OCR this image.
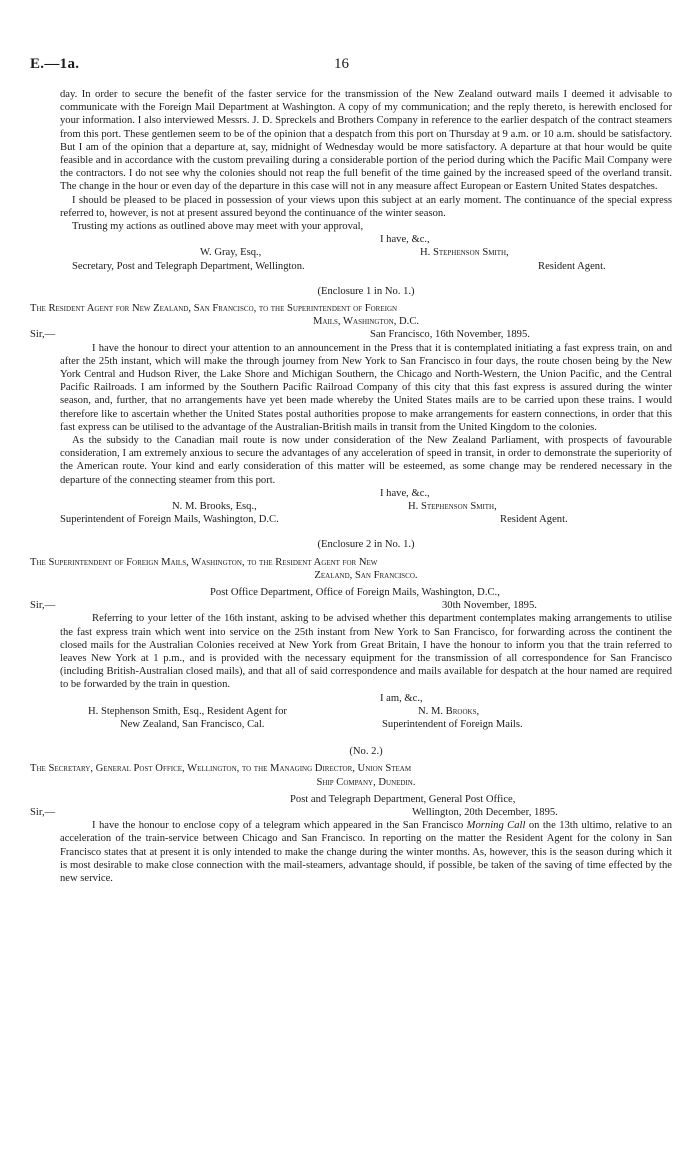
E.—1a.	16

day. In order to secure the benefit of the faster service for the transmission of the New Zealand outward mails I deemed it advisable to communicate with the Foreign Mail Department at Washington. A copy of my communication; and the reply thereto, is herewith enclosed for your information. I also interviewed Messrs. J. D. Spreckels and Brothers Company in reference to the earlier despatch of the contract steamers from this port. These gentlemen seem to be of the opinion that a despatch from this port on Thursday at 9 a.m. or 10 a.m. should be satisfactory. But I am of the opinion that a departure at, say, midnight of Wednesday would be more satisfactory. A departure at that hour would be quite feasible and in accordance with the custom prevailing during a considerable portion of the period during which the Pacific Mail Company were the contractors. I do not see why the colonies should not reap the full benefit of the time gained by the increased speed of the overland transit. The change in the hour or even day of the departure in this case will not in any measure affect European or Eastern United States despatches.

I should be pleased to be placed in possession of your views upon this subject at an early moment. The continuance of the special express referred to, however, is not at present assured beyond the continuance of the winter season.

Trusting my actions as outlined above may meet with your approval,

I have, &c.,
W. Gray, Esq.,	H. Stephenson Smith,
Secretary, Post and Telegraph Department, Wellington.	Resident Agent.
(Enclosure 1 in No. 1.)

The Resident Agent for New Zealand, San Francisco, to the Superintendent of Foreign

Mails, Washington, D.C.

Sir,—	San Francisco, 16th November, 1895.

I have the honour to direct your attention to an announcement in the Press that it is contemplated initiating a fast express train, on and after the 25th instant, which will make the through journey from New York to San Francisco in four days, the route chosen being by the New York Central and Hudson River, the Lake Shore and Michigan Southern, the Chicago and North-Western, the Union Pacific, and the Central Pacific Railroads. I am informed by the Southern Pacific Railroad Company of this city that this fast express is assured during the winter season, and, further, that no arrangements have yet been made whereby the United States mails are to be carried upon these trains. I would therefore like to ascertain whether the United States postal authorities propose to make arrangements for eastern connections, in order that this fast express can be utilised to the advantage of the Australian-British mails in transit from the United Kingdom to the colonies.

As the subsidy to the Canadian mail route is now under consideration of the New Zealand Parliament, with prospects of favourable consideration, I am extremely anxious to secure the advantages of any acceleration of speed in transit, in order to demonstrate the superiority of the American route. Your kind and early consideration of this matter will be esteemed, as some change may be rendered necessary in the departure of the connecting steamer from this port.

I have, &c.,
N. M. Brooks, Esq.,	H. Stephenson Smith,
Superintendent of Foreign Mails, Washington, D.C.	Resident Agent.
(Enclosure 2 in No. 1.)

The Superintendent of Foreign Mails, Washington, to the Resident Agent for New

Zealand, San Francisco.

Post Office Department, Office of Foreign Mails, Washington, D.C.,
Sir,—	30th November, 1895.

Referring to your letter of the 16th instant, asking to be advised whether this department contemplates making arrangements to utilise the fast express train which went into service on the 25th instant from New York to San Francisco, for forwarding across the continent the closed mails for the Australian Colonies received at New York from Great Britain, I have the honour to inform you that the train referred to leaves New York at 1 p.m., and is provided with the necessary equipment for the transmission of all correspondence for San Francisco (including British-Australian closed mails), and that all of said correspondence and mails available for despatch at the hour named are required to be forwarded by the train in question.

I am, &c.,
H. Stephenson Smith, Esq., Resident Agent for	N. M. Brooks,
New Zealand, San Francisco, Cal.	Superintendent of Foreign Mails.
(No. 2.)

The Secretary, General Post Office, Wellington, to the Managing Director, Union Steam

Ship Company, Dunedin.

Post and Telegraph Department, General Post Office,
Sir,—	Wellington, 20th December, 1895.

I have the honour to enclose copy of a telegram which appeared in the San Francisco Morning Call on the 13th ultimo, relative to an acceleration of the train-service between Chicago and San Francisco. In reporting on the matter the Resident Agent for the colony in San Francisco states that at present it is only intended to make the change during the winter months. As, however, this is the season during which it is most desirable to make close connection with the mail-steamers, advantage should, if possible, be taken of the saving of time effected by the new service.
